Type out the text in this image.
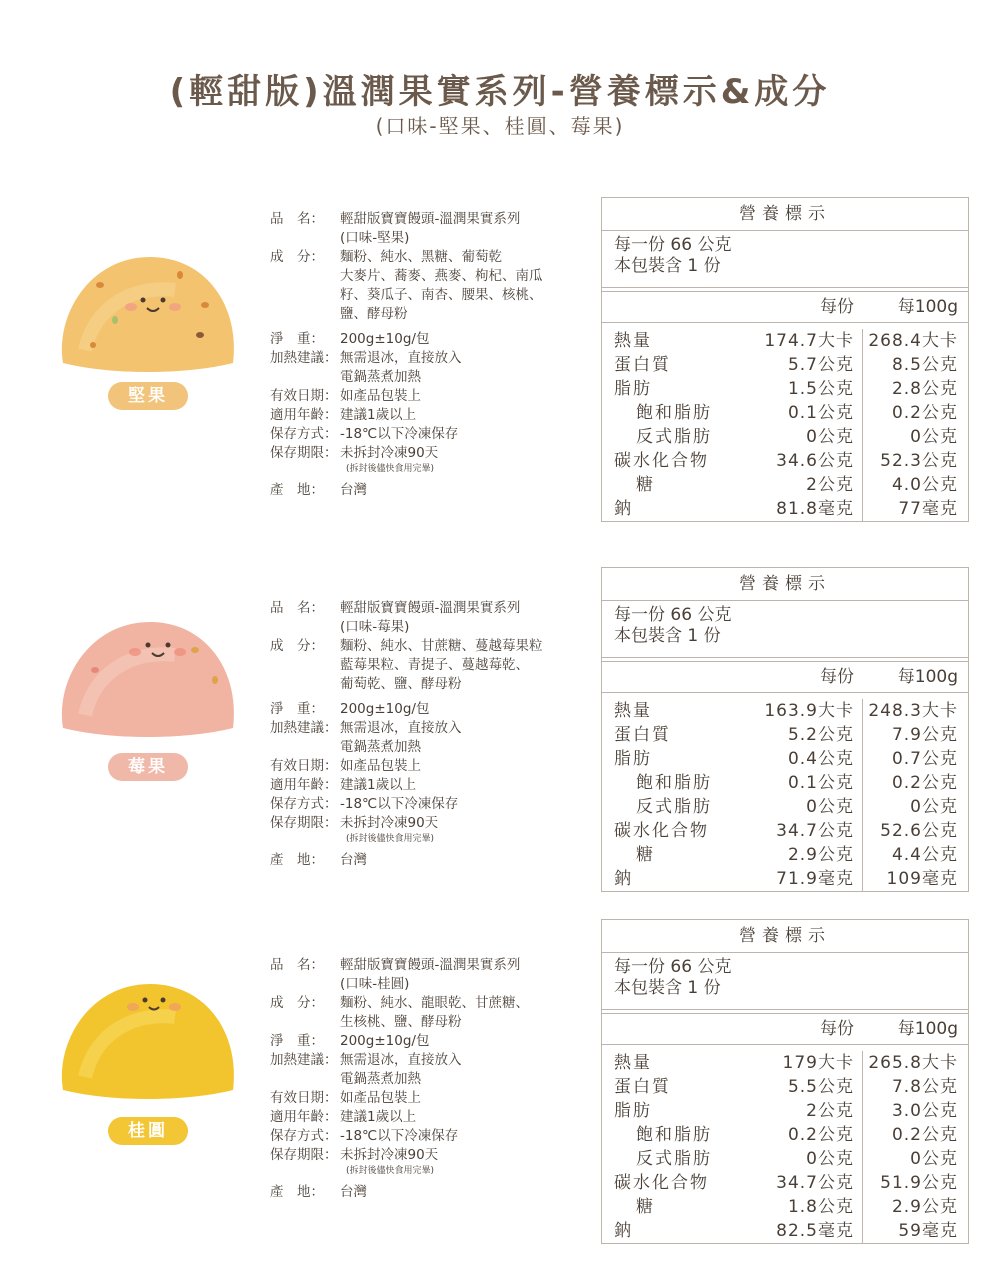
(輕甜版)溫潤果實系列-營養標示&成分
(口味-堅果、桂圓、莓果)
堅果
品　名：	輕甜版寶寶饅頭-溫潤果實系列
(口味-堅果)
成　分：	麵粉、純水、黑糖、葡萄乾
大麥片、蕎麥、燕麥、枸杞、南瓜
籽、葵瓜子、南杏、腰果、核桃、
鹽、酵母粉
淨　重：	200g±10g/包
加熱建議： 無需退冰，直接放入
電鍋蒸煮加熱
有效日期： 如產品包裝上
適用年齡： 建議1歲以上
保存方式： -18℃以下冷凍保存
保存期限： 未拆封冷凍90天
(拆封後儘快食用完畢)
產　地：	台灣
營養標示
每一份 66 公克
本包裝含 1 份
每份	每100g
熱量	174.7大卡 268.4大卡
蛋白質	5.7公克	8.5公克
脂肪	1.5公克	2.8公克
飽和脂肪	0.1公克	0.2公克
反式脂肪	0公克	0公克
碳水化合物	34.6公克	52.3公克
糖	2公克	4.0公克
鈉	81.8毫克	77毫克
莓果
品　名：	輕甜版寶寶饅頭-溫潤果實系列
(口味-莓果)
成　分：	麵粉、純水、甘蔗糖、蔓越莓果粒
藍莓果粒、青提子、蔓越莓乾、
葡萄乾、鹽、酵母粉
淨　重：	200g±10g/包
加熱建議： 無需退冰，直接放入
電鍋蒸煮加熱
有效日期： 如產品包裝上
適用年齡： 建議1歲以上
保存方式： -18℃以下冷凍保存
保存期限： 未拆封冷凍90天
(拆封後儘快食用完畢)
產　地：	台灣
營養標示
每一份 66 公克
本包裝含 1 份
每份	每100g
熱量	163.9大卡 248.3大卡
蛋白質	5.2公克	7.9公克
脂肪	0.4公克	0.7公克
飽和脂肪	0.1公克	0.2公克
反式脂肪	0公克	0公克
碳水化合物	34.7公克	52.6公克
糖	2.9公克	4.4公克
鈉	71.9毫克	109毫克
桂圓
品　名：	輕甜版寶寶饅頭-溫潤果實系列
(口味-桂圓)
成　分：	麵粉、純水、龍眼乾、甘蔗糖、
生核桃、鹽、酵母粉
淨　重：	200g±10g/包
加熱建議： 無需退冰，直接放入
電鍋蒸煮加熱
有效日期： 如產品包裝上
適用年齡： 建議1歲以上
保存方式： -18℃以下冷凍保存
保存期限： 未拆封冷凍90天
(拆封後儘快食用完畢)
產　地：	台灣
營養標示
每一份 66 公克
本包裝含 1 份
每份	每100g
熱量	179大卡 265.8大卡
蛋白質	5.5公克	7.8公克
脂肪	2公克	3.0公克
飽和脂肪	0.2公克	0.2公克
反式脂肪	0公克	0公克
碳水化合物	34.7公克	51.9公克
糖	1.8公克	2.9公克
鈉	82.5毫克	59毫克
